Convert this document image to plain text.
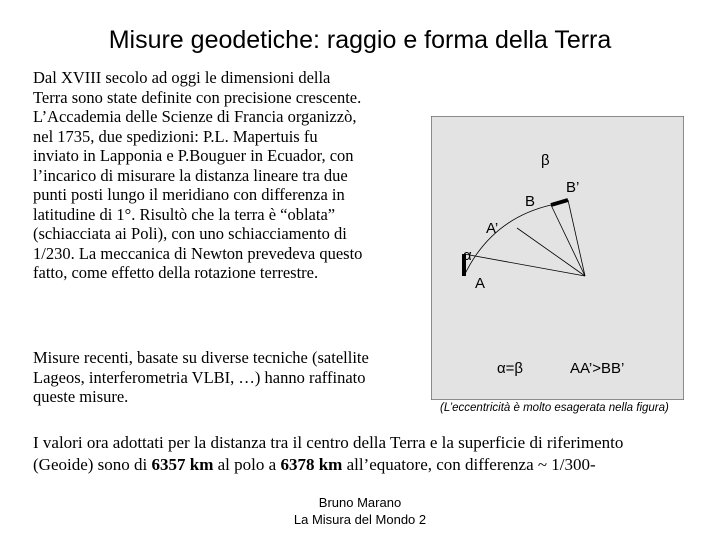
Misure geodetiche: raggio e forma della Terra
Dal XVIII secolo ad oggi le dimensioni della
Terra sono state definite con precisione crescente.
L’Accademia delle Scienze di Francia organizzò,
nel 1735, due spedizioni: P.L. Mapertuis fu
inviato in Lapponia e P.Bouguer in Ecuador, con
l’incarico di misurare la distanza lineare tra due
punti posti lungo il meridiano con differenza in
latitudine di 1°. Risultò che la terra è “oblata”
(schiacciata ai Poli), con uno schiacciamento di
1/230. La meccanica di Newton prevedeva questo
fatto, come effetto della rotazione terrestre.
Misure recenti, basate su diverse tecniche (satellite
Lageos, interferometria VLBI, …) hanno raffinato
queste misure.
β
B
B’
A’
α
A
α=β	AA’>BB’
(L’eccentricità è molto esagerata nella figura)
I valori ora adottati per la distanza tra il centro della Terra e la superficie di riferimento
(Geoide) sono di 6357 km al polo a 6378 km all’equatore, con differenza ~ 1/300-
Bruno Marano
La Misura del Mondo 2
